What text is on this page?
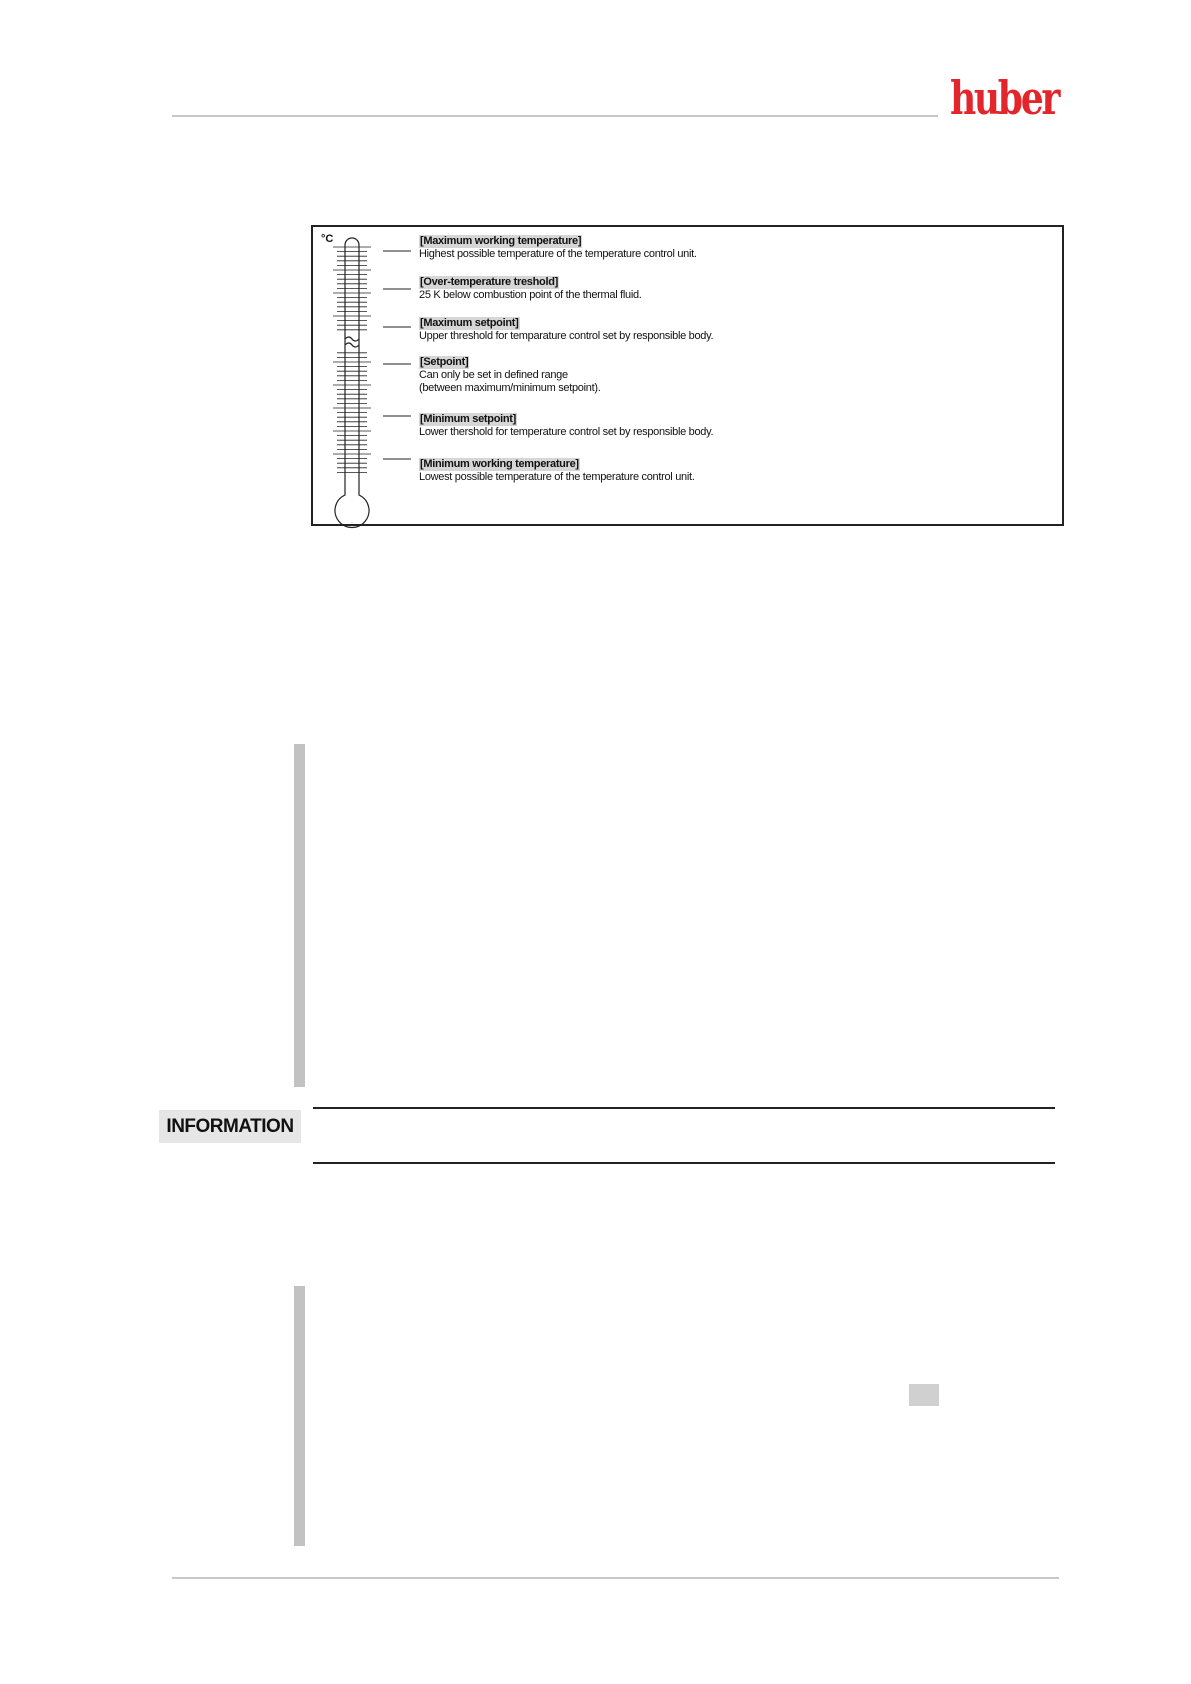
huber
°C	[Maximum working temperature]
Highest possible temperature of the temperature control unit.
[Over-temperature treshold]
25 K below combustion point of the thermal fluid.
[Maximum setpoint]
Upper threshold for temparature control set by responsible body.
[Setpoint]
Can only be set in defined range
(between maximum/minimum setpoint).
[Minimum setpoint]
Lower thershold for temperature control set by responsible body.
[Minimum working temperature]
Lowest possible temperature of the temperature control unit.
INFORMATION
